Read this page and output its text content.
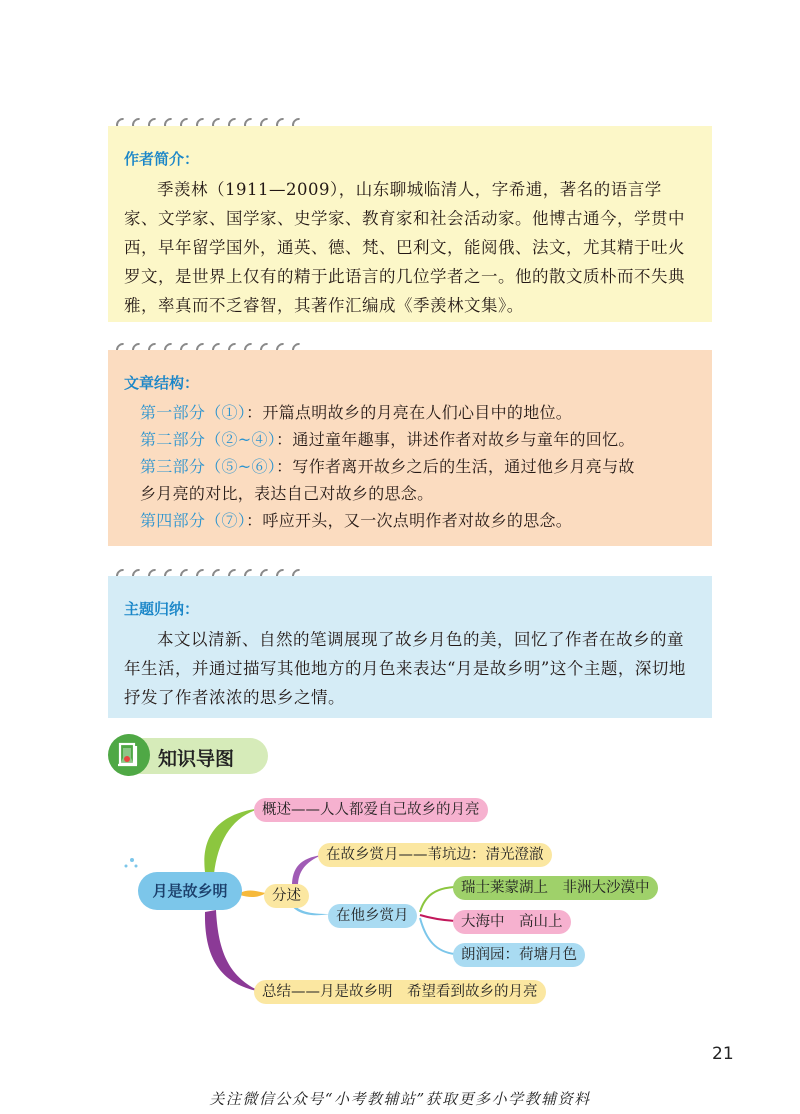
作者简介：

季羡林（1911—2009），山东聊城临清人，字希逋，著名的语言学家、文学家、国学家、史学家、教育家和社会活动家。他博古通今，学贯中西，早年留学国外，通英、德、梵、巴利文，能阅俄、法文，尤其精于吐火罗文，是世界上仅有的精于此语言的几位学者之一。他的散文质朴而不失典雅，率真而不乏睿智，其著作汇编成《季羡林文集》。

文章结构：

第一部分（①）：开篇点明故乡的月亮在人们心目中的地位。

第二部分（②~④）：通过童年趣事，讲述作者对故乡与童年的回忆。

第三部分（⑤~⑥）：写作者离开故乡之后的生活，通过他乡月亮与故

乡月亮的对比，表达自己对故乡的思念。

第四部分（⑦）：呼应开头，又一次点明作者对故乡的思念。

主题归纳：

本文以清新、自然的笔调展现了故乡月色的美，回忆了作者在故乡的童年生活，并通过描写其他地方的月色来表达“月是故乡明”这个主题，深切地抒发了作者浓浓的思乡之情。

知识导图
月是故乡明
概述——人人都爱自己故乡的月亮
分述
在故乡赏月——苇坑边：清光澄澈
在他乡赏月
瑞士莱蒙湖上　非洲大沙漠中
大海中　高山上
朗润园：荷塘月色
总结——月是故乡明　希望看到故乡的月亮
21
关注微信公众号“小考教辅站”获取更多小学教辅资料
